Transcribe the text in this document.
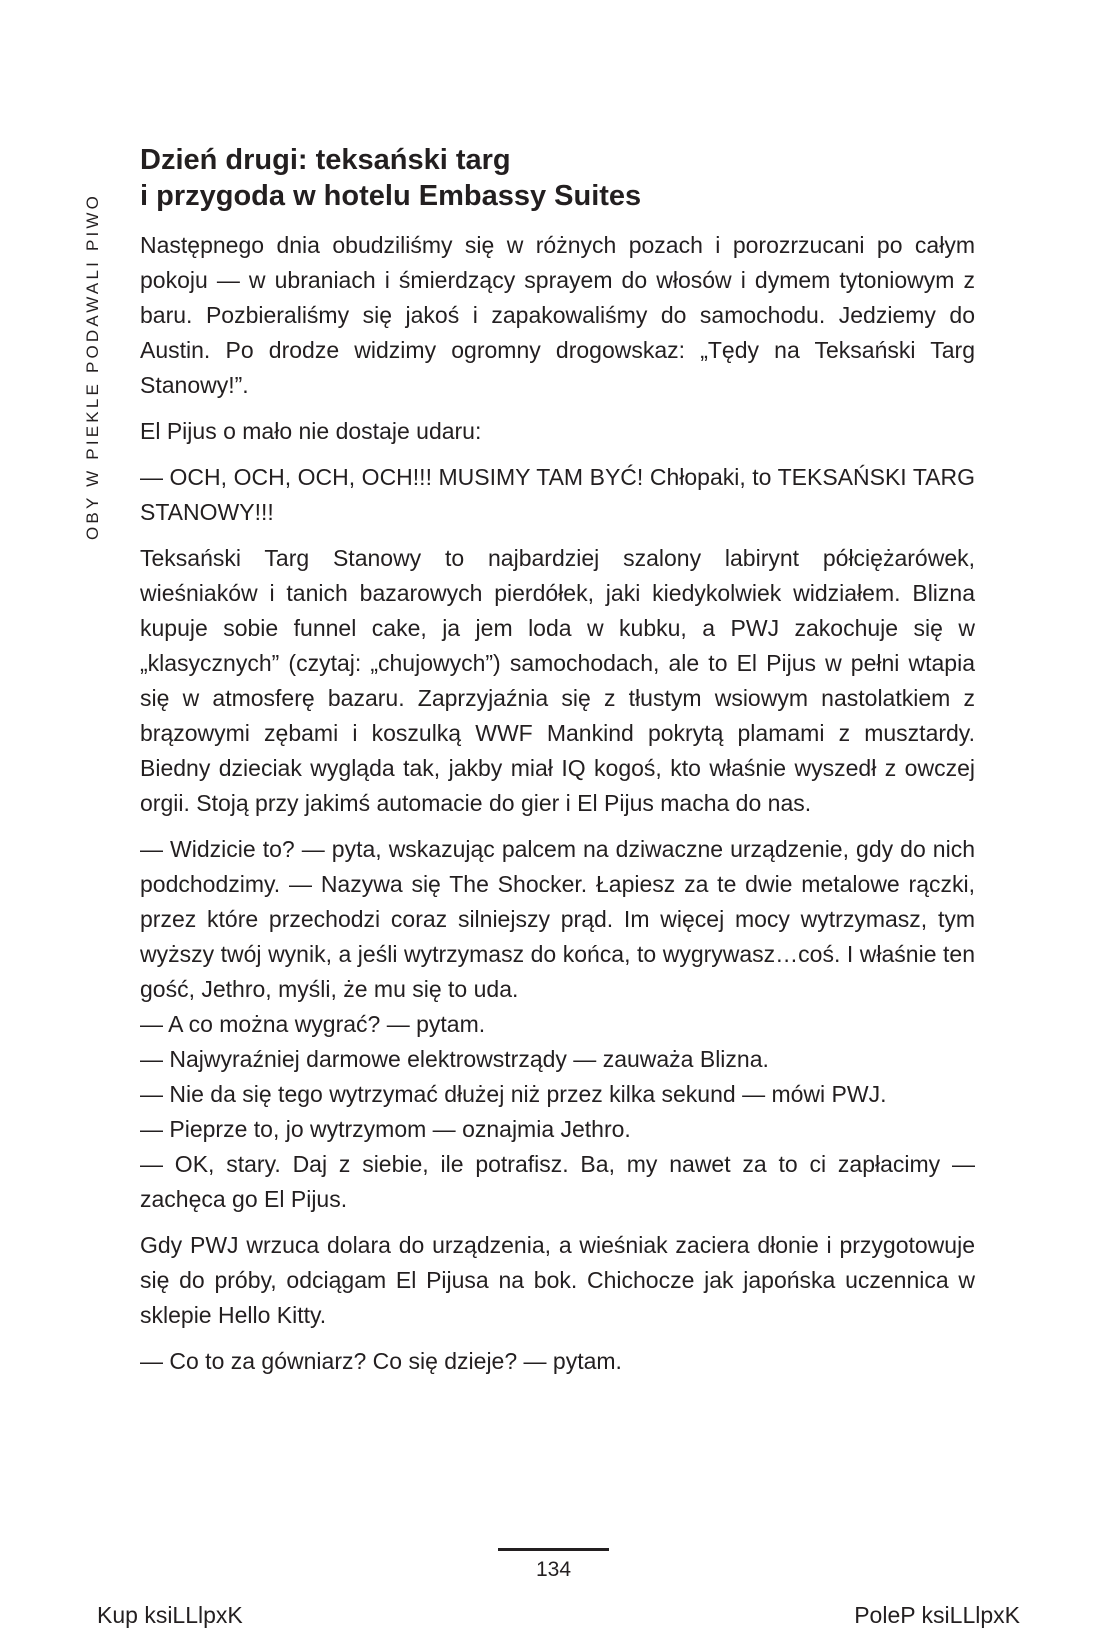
OBY W PIEKLE PODAWALI PIWO
Dzień drugi: teksański targ
i przygoda w hotelu Embassy Suites

Następnego dnia obudziliśmy się w różnych pozach i porozrzucani po całym pokoju — w ubraniach i śmierdzący sprayem do włosów i dymem tytoniowym z baru. Pozbieraliśmy się jakoś i zapakowaliśmy do samochodu. Jedziemy do Austin. Po drodze widzimy ogromny drogowskaz: „Tędy na Teksański Targ Stanowy!”.

El Pijus o mało nie dostaje udaru:

— OCH, OCH, OCH, OCH!!! MUSIMY TAM BYĆ! Chłopaki, to TEKSAŃSKI TARG STANOWY!!!

Teksański Targ Stanowy to najbardziej szalony labirynt półciężarówek, wieśniaków i tanich bazarowych pierdółek, jaki kiedykolwiek widziałem. Blizna kupuje sobie funnel cake, ja jem loda w kubku, a PWJ zakochuje się w „klasycznych” (czytaj: „chujowych”) samochodach, ale to El Pijus w pełni wtapia się w atmosferę bazaru. Zaprzyjaźnia się z tłustym wsiowym nastolatkiem z brązowymi zębami i koszulką WWF Mankind pokrytą plamami z musztardy. Biedny dzieciak wygląda tak, jakby miał IQ kogoś, kto właśnie wyszedł z owczej orgii. Stoją przy jakimś automacie do gier i El Pijus macha do nas.

— Widzicie to? — pyta, wskazując palcem na dziwaczne urządzenie, gdy do nich podchodzimy. — Nazywa się The Shocker. Łapiesz za te dwie metalowe rączki, przez które przechodzi coraz silniejszy prąd. Im więcej mocy wytrzymasz, tym wyższy twój wynik, a jeśli wytrzymasz do końca, to wygrywasz…coś. I właśnie ten gość, Jethro, myśli, że mu się to uda.

— A co można wygrać? — pytam.

— Najwyraźniej darmowe elektrowstrządy — zauważa Blizna.

— Nie da się tego wytrzymać dłużej niż przez kilka sekund — mówi PWJ.

— Pieprze to, jo wytrzymom — oznajmia Jethro.

— OK, stary. Daj z siebie, ile potrafisz. Ba, my nawet za to ci zapłacimy — zachęca go El Pijus.

Gdy PWJ wrzuca dolara do urządzenia, a wieśniak zaciera dłonie i przygotowuje się do próby, odciągam El Pijusa na bok. Chichocze jak japońska uczennica w sklepie Hello Kitty.

— Co to za gówniarz? Co się dzieje? — pytam.

134
Kup ksiLLlpxK	PoleP ksiLLlpxK
